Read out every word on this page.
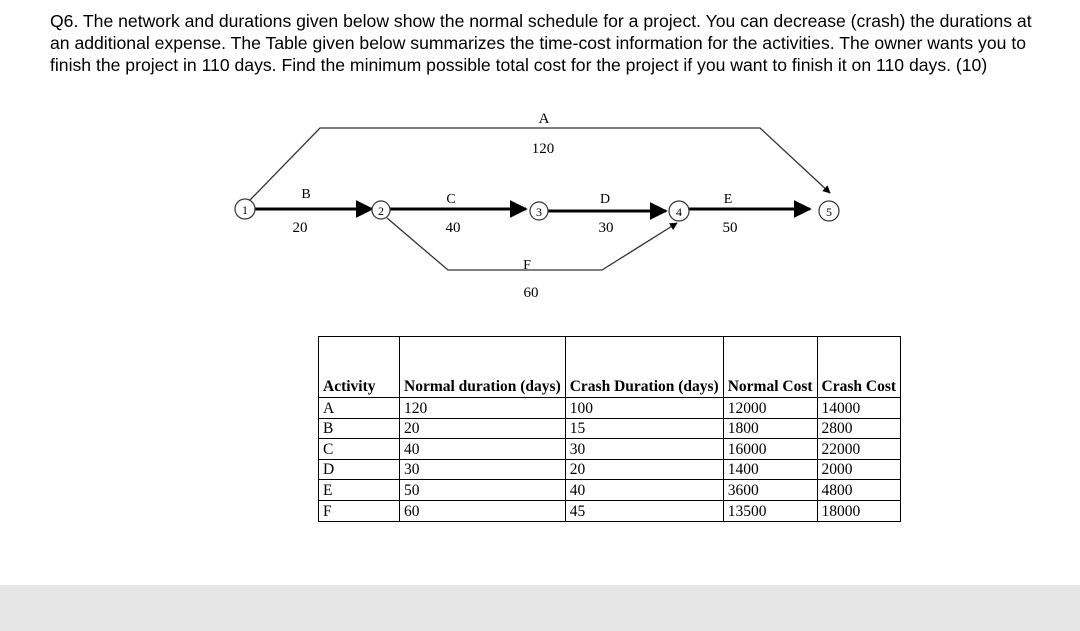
Q6. The network and durations given below show the normal schedule for a project. You can decrease (crash) the durations at an additional expense. The Table given below summarizes the time-cost information for the activities. The owner wants you to finish the project in 110 days. Find the minimum possible total cost for the project if you want to finish it on 110 days. (10)

1	2	3	4	5
A
120
B
20
C
40
D
30
E
50
F
60
Activity	Normal duration (days)	Crash Duration (days)	Normal Cost	Crash Cost
A	120	100	12000	14000
B	20	15	1800	2800
C	40	30	16000	22000
D	30	20	1400	2000
E	50	40	3600	4800
F	60	45	13500	18000
